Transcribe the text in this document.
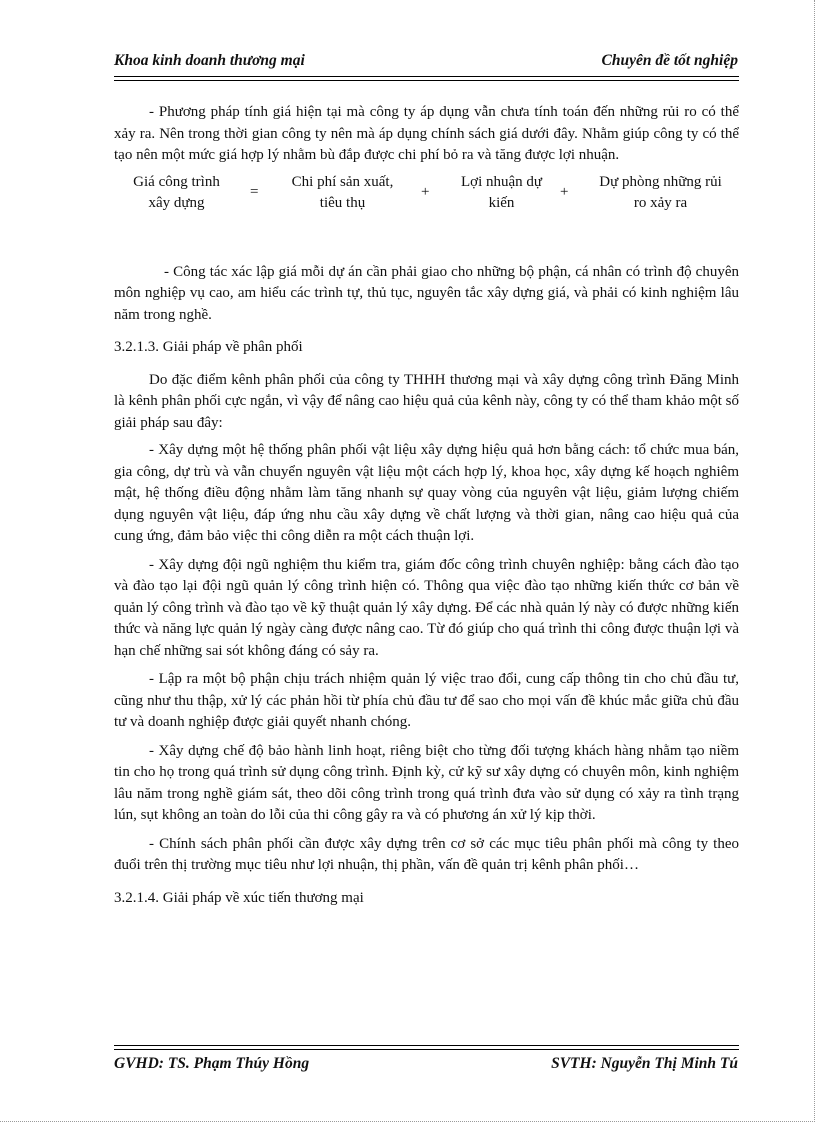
Khoa kinh doanh thương mại	Chuyên đề tốt nghiệp

- Phương pháp tính giá hiện tại mà công ty áp dụng vẫn chưa tính toán đến những rủi ro có thể xảy ra. Nên trong thời gian công ty nên mà áp dụng chính sách giá dưới đây. Nhằm giúp công ty có thể tạo nên một mức giá hợp lý nhằm bù đắp được chi phí bỏ ra và tăng được lợi nhuận.

Giá công trình
xây dựng
=
Chi phí sản xuất,
tiêu thụ
+
Lợi nhuận dự
kiến
+
Dự phòng những rủi
ro xảy ra

- Công tác xác lập giá mỗi dự án cần phải giao cho những bộ phận, cá nhân có trình độ chuyên môn nghiệp vụ cao, am hiểu các trình tự, thủ tục, nguyên tắc xây dựng giá, và phải có kinh nghiệm lâu năm trong nghề.

3.2.1.3. Giải pháp về phân phối

Do đặc điểm kênh phân phối của công ty THHH thương mại và xây dựng công trình Đăng Minh là kênh phân phối cực ngắn, vì vậy để nâng cao hiệu quả của kênh này, công ty có thể tham khảo một số giải pháp sau đây:

- Xây dựng một hệ thống phân phối vật liệu xây dựng hiệu quả hơn bằng cách: tổ chức mua bán, gia công, dự trù và vẫn chuyển nguyên vật liệu một cách hợp lý, khoa học, xây dựng kế hoạch nghiêm mật, hệ thống điều động nhằm làm tăng nhanh sự quay vòng của nguyên vật liệu, giảm lượng chiếm dụng nguyên vật liệu, đáp ứng nhu cầu xây dựng về chất lượng và thời gian, nâng cao hiệu quả của cung ứng, đảm bảo việc thi công diễn ra một cách thuận lợi.

- Xây dựng đội ngũ nghiệm thu kiểm tra, giám đốc công trình chuyên nghiệp: bằng cách đào tạo và đào tạo lại đội ngũ quản lý công trình hiện có. Thông qua việc đào tạo những kiến thức cơ bản về quản lý công trình và đào tạo về kỹ thuật quản lý xây dựng. Để các nhà quản lý này có được những kiến thức và năng lực quản lý ngày càng được nâng cao. Từ đó giúp cho quá trình thi công được thuận lợi và hạn chế những sai sót không đáng có sảy ra.

- Lập ra một bộ phận chịu trách nhiệm quản lý việc trao đổi, cung cấp thông tin cho chủ đầu tư, cũng như thu thập, xử lý các phản hồi từ phía chủ đầu tư để sao cho mọi vấn đề khúc mắc giữa chủ đầu tư và doanh nghiệp được giải quyết nhanh chóng.

- Xây dựng chế độ bảo hành linh hoạt, riêng biệt cho từng đối tượng khách hàng nhằm tạo niềm tin cho họ trong quá trình sử dụng công trình. Định kỳ, cử kỹ sư xây dựng có chuyên môn, kinh nghiệm lâu năm trong nghề giám sát, theo dõi công trình trong quá trình đưa vào sử dụng có xảy ra tình trạng lún, sụt không an toàn do lỗi của thi công gây ra và có phương án xử lý kịp thời.

- Chính sách phân phối cần được xây dựng trên cơ sở các mục tiêu phân phối mà công ty theo đuổi trên thị trường mục tiêu như lợi nhuận, thị phần, vấn đề quản trị kênh phân phối…

3.2.1.4. Giải pháp về xúc tiến thương mại

GVHD: TS. Phạm Thúy Hồng	SVTH: Nguyễn Thị Minh Tú
